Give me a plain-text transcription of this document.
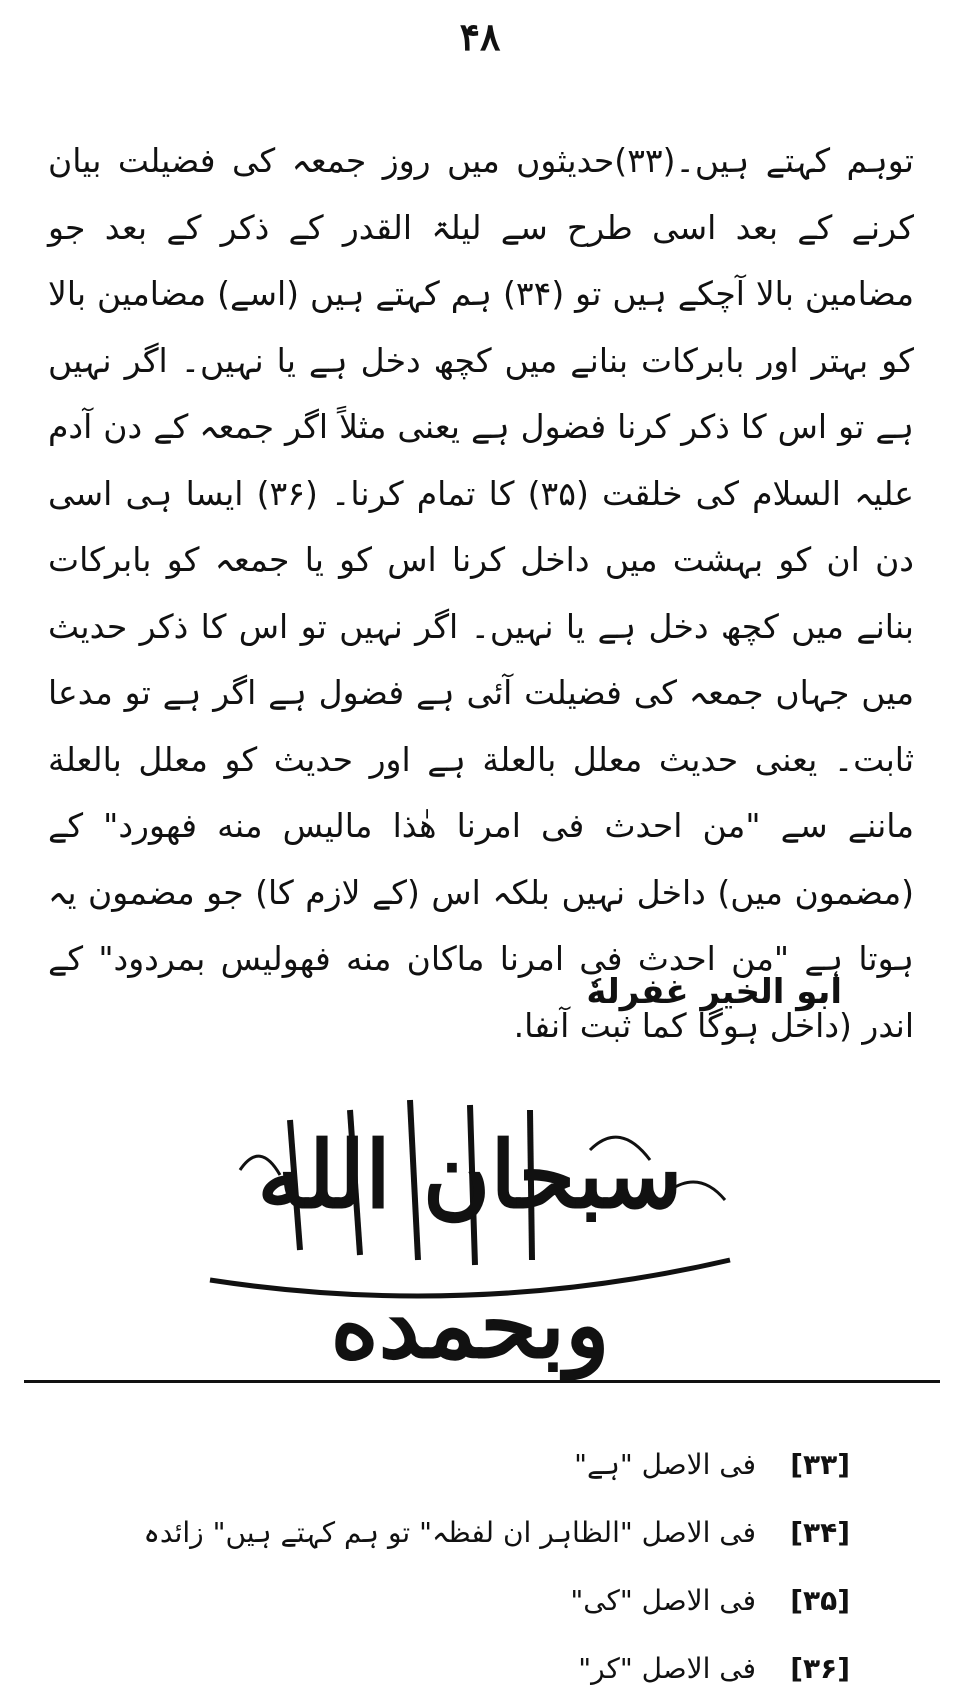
۴۸
توہم کہتے ہیں۔(۳۳)حدیثوں میں روز جمعہ کی فضیلت بیان کرنے کے بعد اسی طرح سے لیلۃ القدر کے ذکر کے بعد جو مضامین بالا آچکے ہیں تو (۳۴) ہم کہتے ہیں (اسے) مضامین بالا کو بہتر اور بابرکات بنانے میں کچھ دخل ہے یا نہیں۔ اگر نہیں ہے تو اس کا ذکر کرنا فضول ہے یعنی مثلاً اگر جمعہ کے دن آدم علیہ السلام کی خلقت (۳۵) کا تمام کرنا۔ (۳۶) ایسا ہی اسی دن ان کو بہشت میں داخل کرنا اس کو یا جمعہ کو بابرکات بنانے میں کچھ دخل ہے یا نہیں۔ اگر نہیں تو اس کا ذکر حدیث میں جہاں جمعہ کی فضیلت آئی ہے فضول ہے اگر ہے تو مدعا ثابت۔ یعنی حدیث معلل بالعلة ہے اور حدیث کو معلل بالعلة ماننے سے "من احدث فی امرنا هٰذا مالیس منه فهورد" کے (مضمون میں) داخل نہیں بلکہ اس (کے لازم کا) جو مضمون یہ ہوتا ہے "من احدث فی امرنا ماکان منه فهولیس بمردود" کے اندر (داخل ہوگا کما ثبت آنفا.
ابو الخیر غفرلهٗ
سبحان الله وبحمده
[۳۳]
فی الاصل "ہے"
[۳۴]
فی الاصل "الظاہر ان لفظہ" تو ہم کہتے ہیں" زائدہ
[۳۵]
فی الاصل "کی"
[۳۶]
فی الاصل "کر"
